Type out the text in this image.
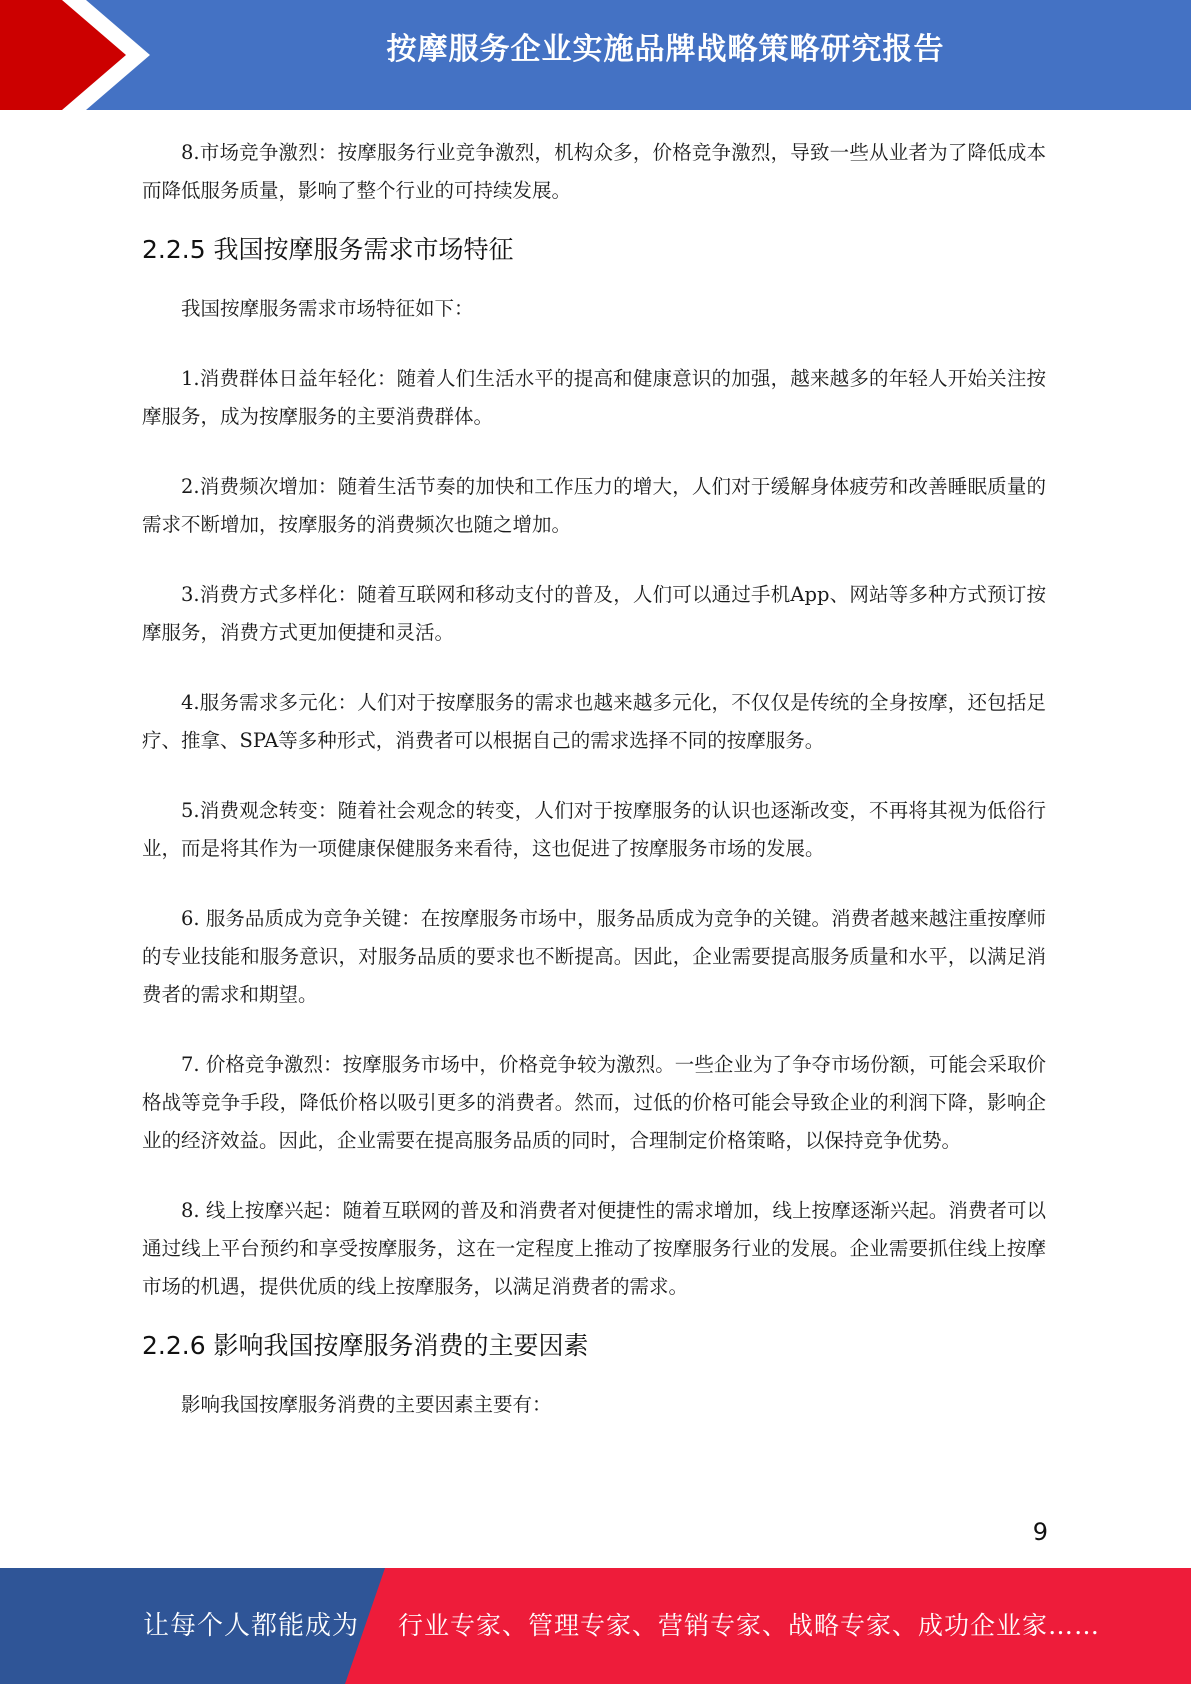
按摩服务企业实施品牌战略策略研究报告

8.市场竞争激烈：按摩服务行业竞争激烈，机构众多，价格竞争激烈，导致一些从业者为了降低成本而降低服务质量，影响了整个行业的可持续发展。

2.2.5 我国按摩服务需求市场特征

我国按摩服务需求市场特征如下：

1.消费群体日益年轻化：随着人们生活水平的提高和健康意识的加强，越来越多的年轻人开始关注按摩服务，成为按摩服务的主要消费群体。

2.消费频次增加：随着生活节奏的加快和工作压力的增大，人们对于缓解身体疲劳和改善睡眠质量的需求不断增加，按摩服务的消费频次也随之增加。

3.消费方式多样化：随着互联网和移动支付的普及，人们可以通过手机App、网站等多种方式预订按摩服务，消费方式更加便捷和灵活。

4.服务需求多元化：人们对于按摩服务的需求也越来越多元化，不仅仅是传统的全身按摩，还包括足疗、推拿、SPA等多种形式，消费者可以根据自己的需求选择不同的按摩服务。

5.消费观念转变：随着社会观念的转变，人们对于按摩服务的认识也逐渐改变，不再将其视为低俗行业，而是将其作为一项健康保健服务来看待，这也促进了按摩服务市场的发展。

6. 服务品质成为竞争关键：在按摩服务市场中，服务品质成为竞争的关键。消费者越来越注重按摩师的专业技能和服务意识，对服务品质的要求也不断提高。因此，企业需要提高服务质量和水平，以满足消费者的需求和期望。

7. 价格竞争激烈：按摩服务市场中，价格竞争较为激烈。一些企业为了争夺市场份额，可能会采取价格战等竞争手段，降低价格以吸引更多的消费者。然而，过低的价格可能会导致企业的利润下降，影响企业的经济效益。因此，企业需要在提高服务品质的同时，合理制定价格策略，以保持竞争优势。

8. 线上按摩兴起：随着互联网的普及和消费者对便捷性的需求增加，线上按摩逐渐兴起。消费者可以通过线上平台预约和享受按摩服务，这在一定程度上推动了按摩服务行业的发展。企业需要抓住线上按摩市场的机遇，提供优质的线上按摩服务，以满足消费者的需求。

2.2.6 影响我国按摩服务消费的主要因素

影响我国按摩服务消费的主要因素主要有：

9
让每个人都能成为 行业专家、管理专家、营销专家、战略专家、成功企业家……
